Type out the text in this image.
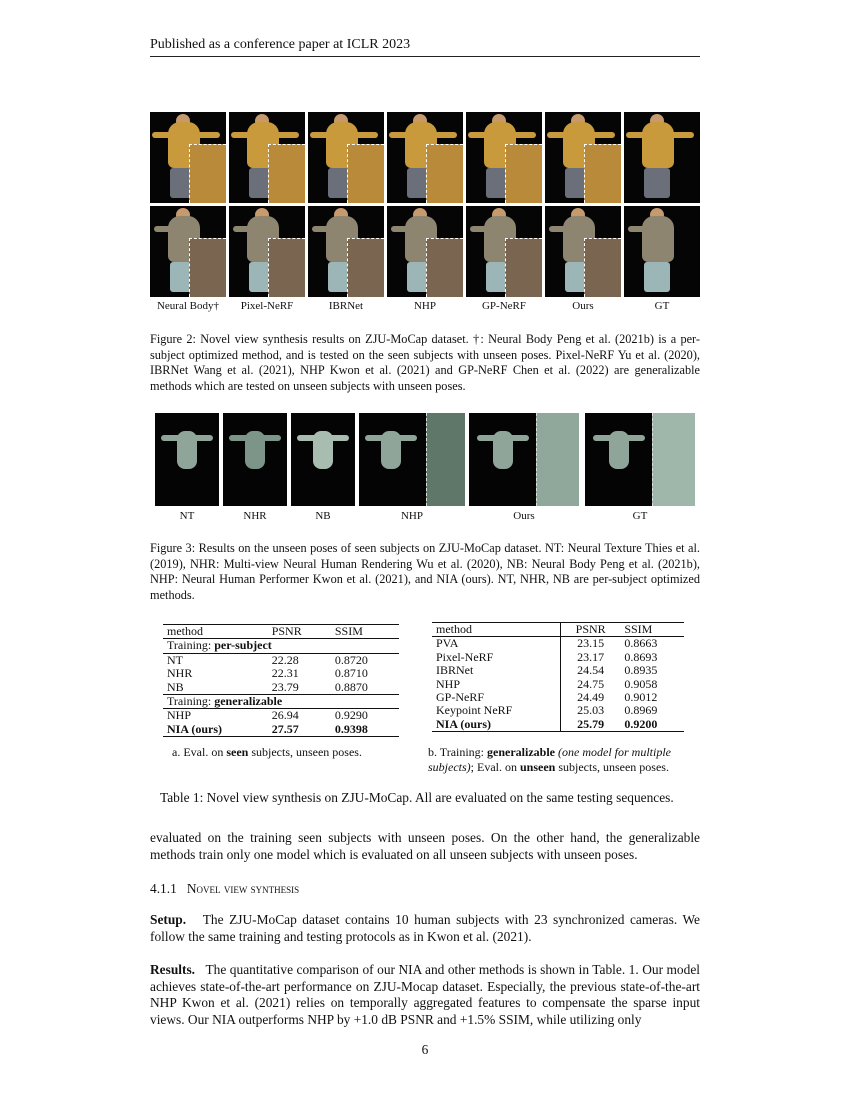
Published as a conference paper at ICLR 2023
Neural Body†	Pixel-NeRF	IBRNet	NHP	GP-NeRF	Ours	GT
Figure 2: Novel view synthesis results on ZJU-MoCap dataset. †: Neural Body Peng et al. (2021b) is a per-subject optimized method, and is tested on the seen subjects with unseen poses. Pixel-NeRF Yu et al. (2020), IBRNet Wang et al. (2021), NHP Kwon et al. (2021) and GP-NeRF Chen et al. (2022) are generalizable methods which are tested on unseen subjects with unseen poses.
NT	NHR	NB	NHP	Ours	GT
Figure 3: Results on the unseen poses of seen subjects on ZJU-MoCap dataset. NT: Neural Texture Thies et al. (2019), NHR: Multi-view Neural Human Rendering Wu et al. (2020), NB: Neural Body Peng et al. (2021b), NHP: Neural Human Performer Kwon et al. (2021), and NIA (ours). NT, NHR, NB are per-subject optimized methods.
method	PSNR	SSIM
Training: per-subject		
NT	22.28	0.8720
NHR	22.31	0.8710
NB	23.79	0.8870
Training: generalizable		
NHP	26.94	0.9290
NIA (ours)	27.57	0.9398
a. Eval. on seen subjects, unseen poses.
method	PSNR	SSIM
PVA	23.15	0.8663
Pixel-NeRF	23.17	0.8693
IBRNet	24.54	0.8935
NHP	24.75	0.9058
GP-NeRF	24.49	0.9012
Keypoint NeRF	25.03	0.8969
NIA (ours)	25.79	0.9200
b. Training: generalizable (one model for multiple subjects); Eval. on unseen subjects, unseen poses.
Table 1: Novel view synthesis on ZJU-MoCap. All are evaluated on the same testing sequences.
evaluated on the training seen subjects with unseen poses. On the other hand, the generalizable methods train only one model which is evaluated on all unseen subjects with unseen poses.
4.1.1 Novel view synthesis
Setup. The ZJU-MoCap dataset contains 10 human subjects with 23 synchronized cameras. We follow the same training and testing protocols as in Kwon et al. (2021).
Results. The quantitative comparison of our NIA and other methods is shown in Table. 1. Our model achieves state-of-the-art performance on ZJU-Mocap dataset. Especially, the previous state-of-the-art NHP Kwon et al. (2021) relies on temporally aggregated features to compensate the sparse input views. Our NIA outperforms NHP by +1.0 dB PSNR and +1.5% SSIM, while utilizing only
6
